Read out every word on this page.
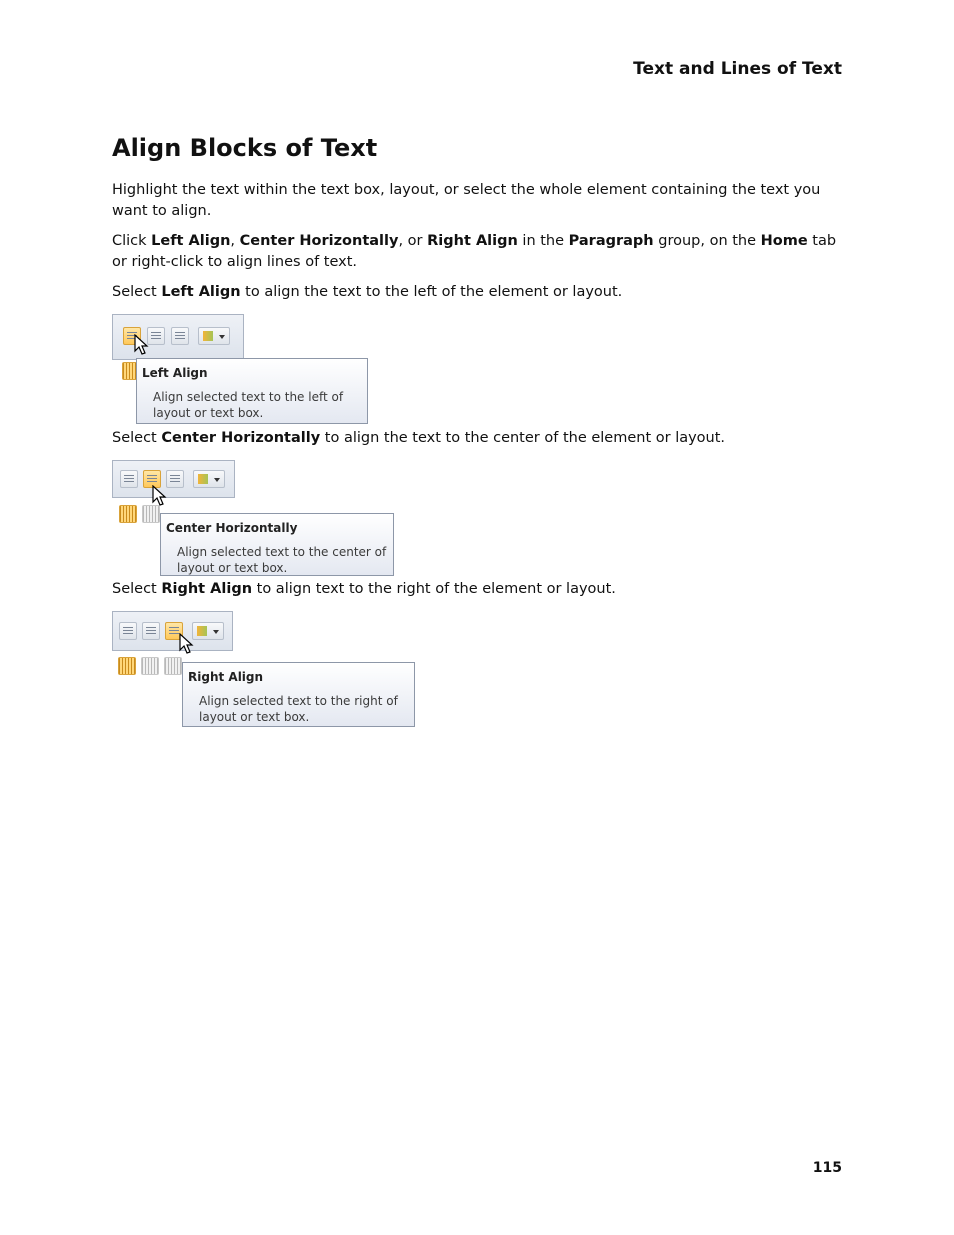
Text and Lines of Text
Align Blocks of Text

Highlight the text within the text box, layout, or select the whole element containing the text you want to align.

Click Left Align, Center Horizontally, or Right Align in the Paragraph group, on the Home tab or right-click to align lines of text.

Select Left Align to align the text to the left of the element or layout.

Left Align
Align selected text to the left of
layout or text box.

Select Center Horizontally to align the text to the center of the element or layout.

Center Horizontally
Align selected text to the center of
layout or text box.

Select Right Align to align text to the right of the element or layout.

Right Align
Align selected text to the right of
layout or text box.
115
